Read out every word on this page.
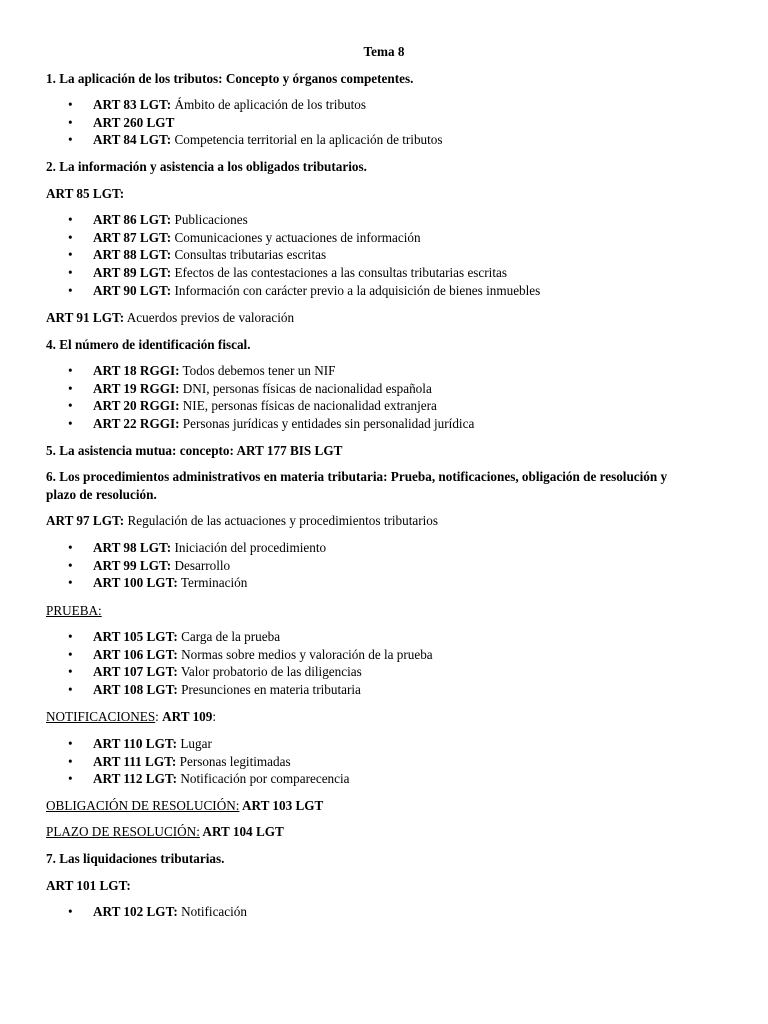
Tema 8

1. La aplicación de los tributos: Concepto y órganos competentes.

• ART 83 LGT: Ámbito de aplicación de los tributos
• ART 260 LGT
• ART 84 LGT: Competencia territorial en la aplicación de tributos

2. La información y asistencia a los obligados tributarios.

ART 85 LGT:

• ART 86 LGT: Publicaciones
• ART 87 LGT: Comunicaciones y actuaciones de información
• ART 88 LGT: Consultas tributarias escritas
• ART 89 LGT: Efectos de las contestaciones a las consultas tributarias escritas
• ART 90 LGT: Información con carácter previo a la adquisición de bienes inmuebles

ART 91 LGT: Acuerdos previos de valoración

4. El número de identificación fiscal.

• ART 18 RGGI: Todos debemos tener un NIF
• ART 19 RGGI: DNI, personas físicas de nacionalidad española
• ART 20 RGGI: NIE, personas físicas de nacionalidad extranjera
• ART 22 RGGI: Personas jurídicas y entidades sin personalidad jurídica

5. La asistencia mutua: concepto: ART 177 BIS LGT

6. Los procedimientos administrativos en materia tributaria: Prueba, notificaciones, obligación de resolución y

plazo de resolución.

ART 97 LGT: Regulación de las actuaciones y procedimientos tributarios

• ART 98 LGT: Iniciación del procedimiento
• ART 99 LGT: Desarrollo
• ART 100 LGT: Terminación

PRUEBA:

• ART 105 LGT: Carga de la prueba
• ART 106 LGT: Normas sobre medios y valoración de la prueba
• ART 107 LGT: Valor probatorio de las diligencias
• ART 108 LGT: Presunciones en materia tributaria

NOTIFICACIONES: ART 109:

• ART 110 LGT: Lugar
• ART 111 LGT: Personas legitimadas
• ART 112 LGT: Notificación por comparecencia

OBLIGACIÓN DE RESOLUCIÓN: ART 103 LGT

PLAZO DE RESOLUCIÓN: ART 104 LGT

7. Las liquidaciones tributarias.

ART 101 LGT:

• ART 102 LGT: Notificación
